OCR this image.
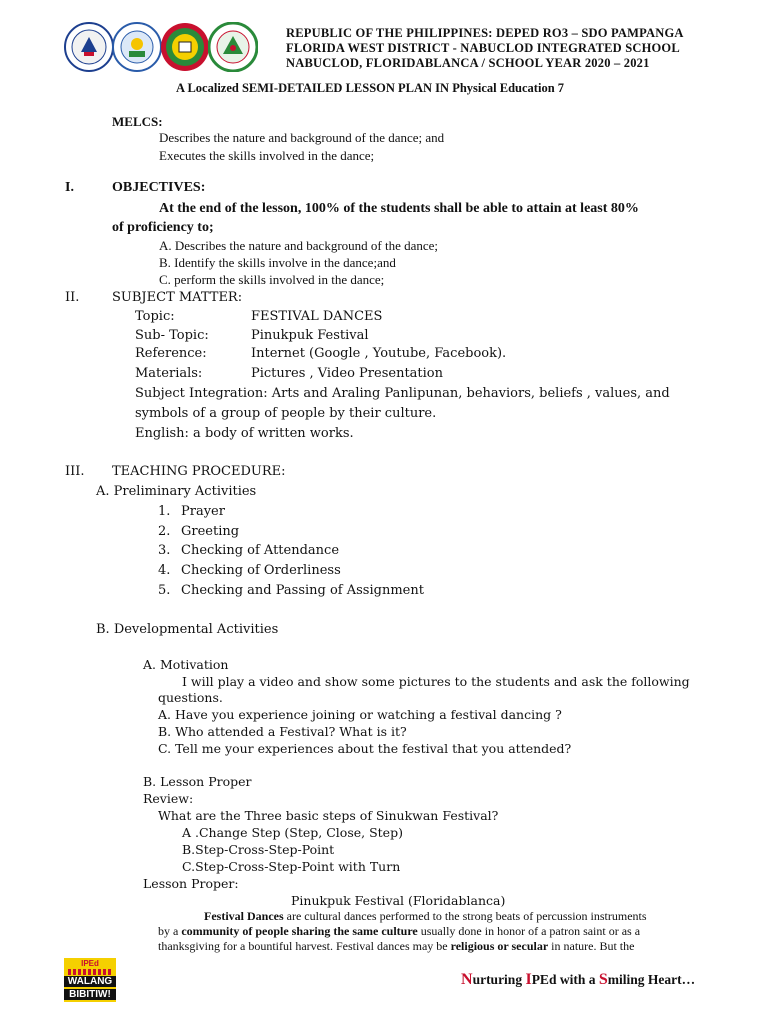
REPUBLIC OF THE PHILIPPINES: DEPED RO3 – SDO PAMPANGA
FLORIDA WEST DISTRICT - NABUCLOD INTEGRATED SCHOOL
NABUCLOD, FLORIDABLANCA / SCHOOL YEAR 2020 – 2021
A Localized SEMI-DETAILED LESSON PLAN IN Physical Education 7
MELCS:
Describes the nature and background of the dance; and
Executes the skills involved in the dance;
I.	OBJECTIVES:
At the end of the lesson, 100% of the students shall be able to attain at least 80%
of proficiency to;
A. Describes the nature and background of the dance;
B. Identify the skills involve in the dance;and
C. perform the skills involved in the dance;
II.	SUBJECT MATTER:
Topic:	FESTIVAL DANCES
Sub- Topic:	Pinukpuk Festival
Reference:	Internet (Google , Youtube, Facebook).
Materials:	Pictures , Video Presentation
Subject Integration: Arts and Araling Panlipunan, behaviors, beliefs , values, and
symbols of a group of people by their culture.
English: a body of written works.
III. TEACHING PROCEDURE:
A. Preliminary Activities
1. Prayer
2. Greeting
3. Checking of Attendance
4. Checking of Orderliness
5. Checking and Passing of Assignment
B. Developmental Activities
A. Motivation
I will play a video and show some pictures to the students and ask the following
questions.
A. Have you experience joining or watching a festival dancing ?
B. Who attended a Festival? What is it?
C. Tell me your experiences about the festival that you attended?
B. Lesson Proper
Review:
What are the Three basic steps of Sinukwan Festival?
A .Change Step (Step, Close, Step)
B.Step-Cross-Step-Point
C.Step-Cross-Step-Point with Turn
Lesson Proper:
Pinukpuk Festival (Floridablanca)
Festival Dances are cultural dances performed to the strong beats of percussion instruments
by a community of people sharing the same culture usually done in honor of a patron saint or as a
thanksgiving for a bountiful harvest. Festival dances may be religious or secular in nature. But the
IPEd
WALANG
BIBITIW!
Nurturing IPEd with a Smiling Heart…
